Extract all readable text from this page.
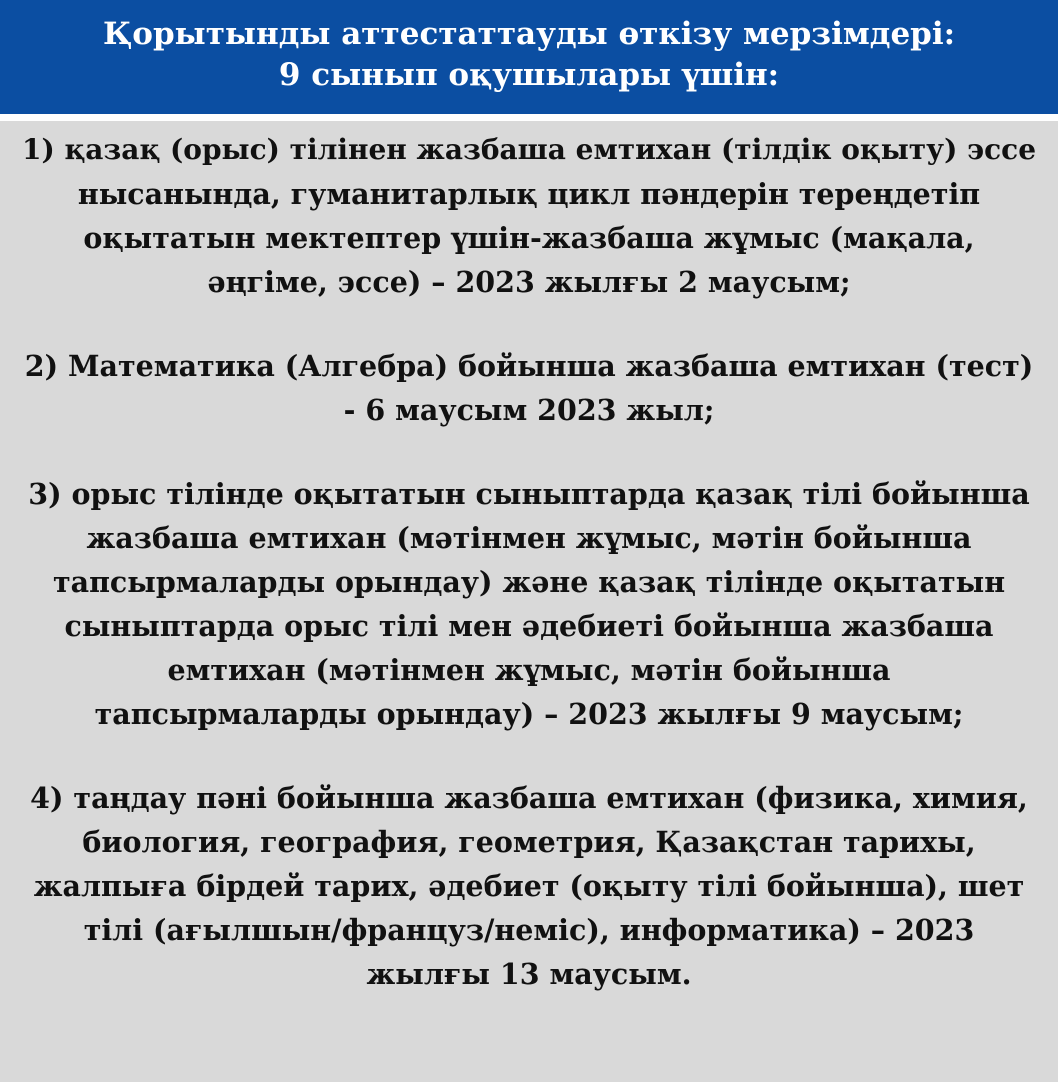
Қорытынды аттестаттауды өткізу мерзімдері:
9 сынып оқушылары үшін:
1) қазақ (орыс) тілінен жазбаша емтихан (тілдік оқыту) эссе
нысанында, гуманитарлық цикл пәндерін тереңдетіп
оқытатын мектептер үшін-жазбаша жұмыс (мақала,
әңгіме, эссе) – 2023 жылғы 2 маусым;
2) Математика (Алгебра) бойынша жазбаша емтихан (тест)
- 6 маусым 2023 жыл;
3) орыс тілінде оқытатын сыныптарда қазақ тілі бойынша
жазбаша емтихан (мәтінмен жұмыс, мәтін бойынша
тапсырмаларды орындау) және қазақ тілінде оқытатын
сыныптарда орыс тілі мен әдебиеті бойынша жазбаша
емтихан (мәтінмен жұмыс, мәтін бойынша
тапсырмаларды орындау) – 2023 жылғы 9 маусым;
4) таңдау пәні бойынша жазбаша емтихан (физика, химия,
биология, география, геометрия, Қазақстан тарихы,
жалпыға бірдей тарих, әдебиет (оқыту тілі бойынша), шет
тілі (ағылшын/француз/неміс), информатика) – 2023
жылғы 13 маусым.
